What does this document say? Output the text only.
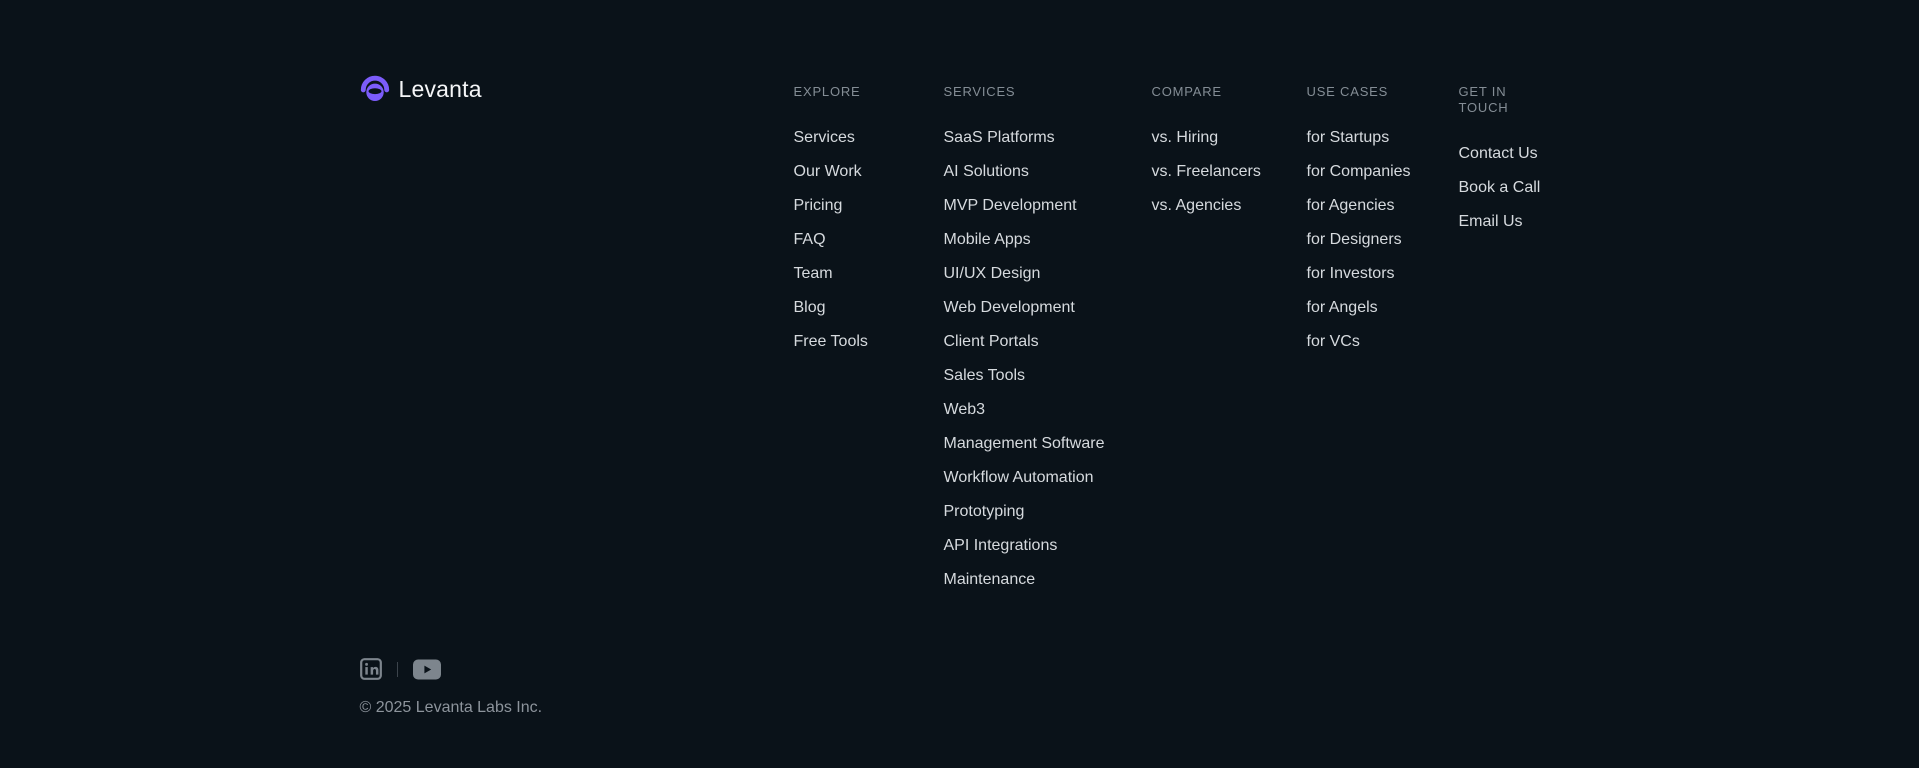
Levanta	EXPLORE
Services
Our Work
Pricing
FAQ
Team
Blog
Free Tools
SERVICES
SaaS Platforms
AI Solutions
MVP Development
Mobile Apps
UI/UX Design
Web Development
Client Portals
Sales Tools
Web3
Management Software
Workflow Automation
Prototyping
API Integrations
Maintenance
COMPARE
vs. Hiring
vs. Freelancers
vs. Agencies
USE CASES
for Startups
for Companies
for Agencies
for Designers
for Investors
for Angels
for VCs
GET IN TOUCH
Contact Us
Book a Call
Email Us
© 2025 Levanta Labs Inc.
